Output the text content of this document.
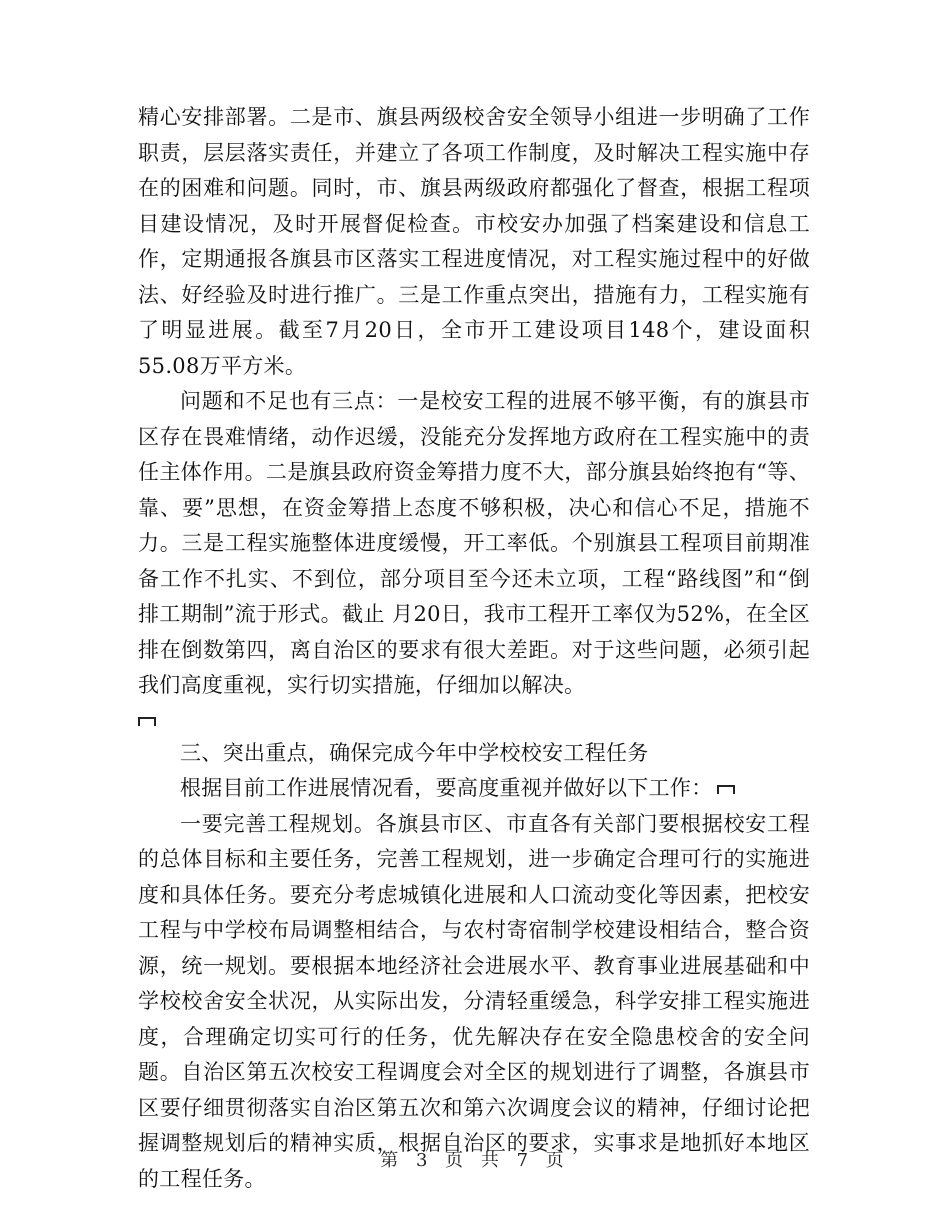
精心安排部署。二是市、旗县两级校舍安全领导小组进一步明确了工作职责，层层落实责任，并建立了各项工作制度，及时解决工程实施中存在的困难和问题。同时，市、旗县两级政府都强化了督查，根据工程项目建设情况，及时开展督促检查。市校安办加强了档案建设和信息工作，定期通报各旗县市区落实工程进度情况，对工程实施过程中的好做法、好经验及时进行推广。三是工作重点突出，措施有力，工程实施有了明显进展。截至7月20日，全市开工建设项目148个，建设面积55.08万平方米。

问题和不足也有三点：一是校安工程的进展不够平衡，有的旗县市区存在畏难情绪，动作迟缓，没能充分发挥地方政府在工程实施中的责任主体作用。二是旗县政府资金筹措力度不大，部分旗县始终抱有“等、靠、要”思想，在资金筹措上态度不够积极，决心和信心不足，措施不力。三是工程实施整体进度缓慢，开工率低。个别旗县工程项目前期准备工作不扎实、不到位，部分项目至今还未立项，工程“路线图”和“倒排工期制”流于形式。截止 月20日，我市工程开工率仅为52%，在全区排在倒数第四，离自治区的要求有很大差距。对于这些问题，必须引起我们高度重视，实行切实措施，仔细加以解决。

三、突出重点，确保完成今年中学校校安工程任务

根据目前工作进展情况看，要高度重视并做好以下工作：

一要完善工程规划。各旗县市区、市直各有关部门要根据校安工程的总体目标和主要任务，完善工程规划，进一步确定合理可行的实施进度和具体任务。要充分考虑城镇化进展和人口流动变化等因素，把校安工程与中学校布局调整相结合，与农村寄宿制学校建设相结合，整合资源，统一规划。要根据本地经济社会进展水平、教育事业进展基础和中学校校舍安全状况，从实际出发，分清轻重缓急，科学安排工程实施进度，合理确定切实可行的任务，优先解决存在安全隐患校舍的安全问题。自治区第五次校安工程调度会对全区的规划进行了调整，各旗县市区要仔细贯彻落实自治区第五次和第六次调度会议的精神，仔细讨论把握调整规划后的精神实质，根据自治区的要求，实事求是地抓好本地区的工程任务。

第 3 页 共 7 页
